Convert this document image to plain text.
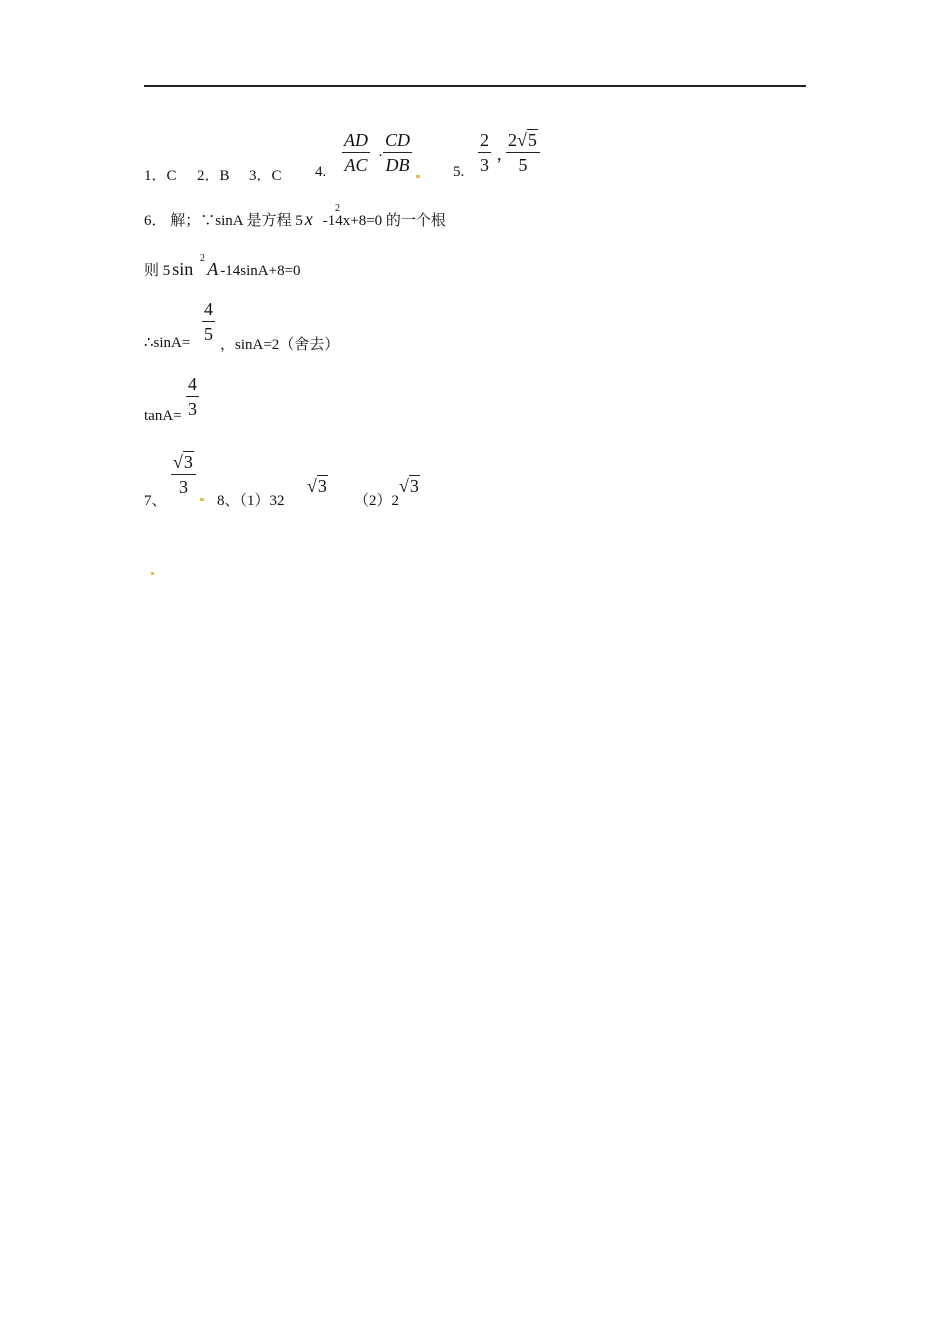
1．C 2．B 3．C 4. $\frac{AD}{AC} \cdot \frac{CD}{DB}$	5. $\frac{2}{3}$ , $\frac{2√5}{5}$
6． 解；∵sinA 是方程 5 x
2
-14x+8=0 的一个根
则 5 sin
2
A -14sinA+8=0
∴sinA= $\frac{4}{5}$
，sinA=2（舍去）
$\tan A= \frac{4}{3}$
7、
$\frac{√3}{3}$
8、（1）32
√3
（2）2
√3
